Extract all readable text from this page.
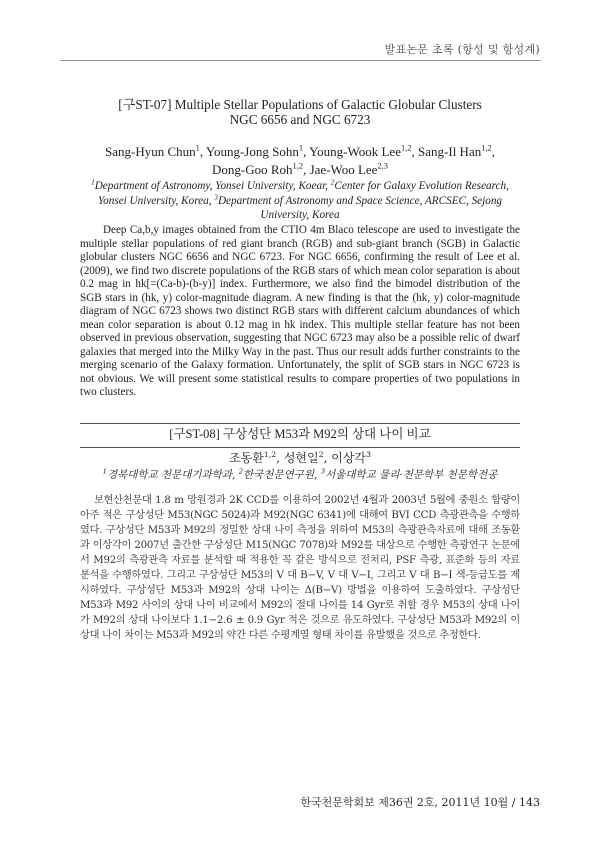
발표논문 초록 (항성 및 항성계)
[구ST-07] Multiple Stellar Populations of Galactic Globular Clusters
NGC 6656 and NGC 6723
Sang-Hyun Chun$^1$, Young-Jong Sohn$^1$, Young-Wook Lee$^{1,2}$, Sang-Il Han$^{1,2}$,
Dong-Goo Roh$^{1,2}$, Jae-Woo Lee$^{2,3}$
$^1$Department of Astronomy, Yonsei University, Koear, $^2$Center for Galaxy Evolution Research, Yonsei University, Korea, $^3$Department of Astronomy and Space Science, ARCSEC, Sejong University, Korea

Deep Ca,b,y images obtained from the CTIO 4m Blaco telescope are used to investigate the multiple stellar populations of red giant branch (RGB) and sub-giant branch (SGB) in Galactic globular clusters NGC 6656 and NGC 6723. For NGC 6656, confirming the result of Lee et al. (2009), we find two discrete populations of the RGB stars of which mean color separation is about 0.2 mag in hk[=(Ca-b)-(b-y)] index. Furthermore, we also find the bimodel distribution of the SGB stars in (hk, y) color-magnitude diagram. A new finding is that the (hk, y) color-magnitude diagram of NGC 6723 shows two distinct RGB stars with different calcium abundances of which mean color separation is about 0.12 mag in hk index. This multiple stellar feature has not been observed in previous observation, suggesting that NGC 6723 may also be a possible relic of dwarf galaxies that merged into the Milky Way in the past. Thus our result adds further constraints to the merging scenario of the Galaxy formation. Unfortunately, the split of SGB stars in NGC 6723 is not obvious. We will present some statistical results to compare properties of two populations in two clusters.

[구ST-08] 구상성단 M53과 M92의 상대 나이 비교
조동환$^{1,2}$, 성현일$^2$, 이상각$^3$
$^1$경북대학교 천문대기과학과, $^2$한국천문연구원, $^3$서울대학교 물리·천문학부 천문학전공

보현산천문대 1.8 m 망원경과 2K CCD를 이용하여 2002년 4월과 2003년 5월에 중원소 함량이 아주 적은 구상성단 M53(NGC 5024)과 M92(NGC 6341)에 대해여 BVI CCD 측광관측을 수행하였다. 구상성단 M53과 M92의 정밀한 상대 나이 측정을 위하여 M53의 측광관측자료에 대해 조동환과 이상각이 2007년 출간한 구상성단 M15(NGC 7078)와 M92를 대상으로 수행한 측광연구 논문에서 M92의 측광관측 자료를 분석할 때 적용한 꼭 같은 방식으로 전처리, PSF 측광, 표준화 등의 자료 분석을 수행하였다. 그리고 구상성단 M53의 V 대 B−V, V 대 V−I, 그리고 V 대 B−I 색-등급도를 제시하였다. 구상성단 M53과 M92의 상대 나이는 Δ(B−V) 방법을 이용하여 도출하였다. 구상성단 M53과 M92 사이의 상대 나이 비교에서 M92의 절대 나이를 14 Gyr로 취할 경우 M53의 상대 나이가 M92의 상대 나이보다 1.1−2.6 ± 0.9 Gyr 적은 것으로 유도하였다. 구상성단 M53과 M92의 이 상대 나이 차이는 M53과 M92의 약간 다른 수평계열 형태 차이를 유발했을 것으로 추정한다.

한국천문학회보 제36권 2호, 2011년 10월 / 143
